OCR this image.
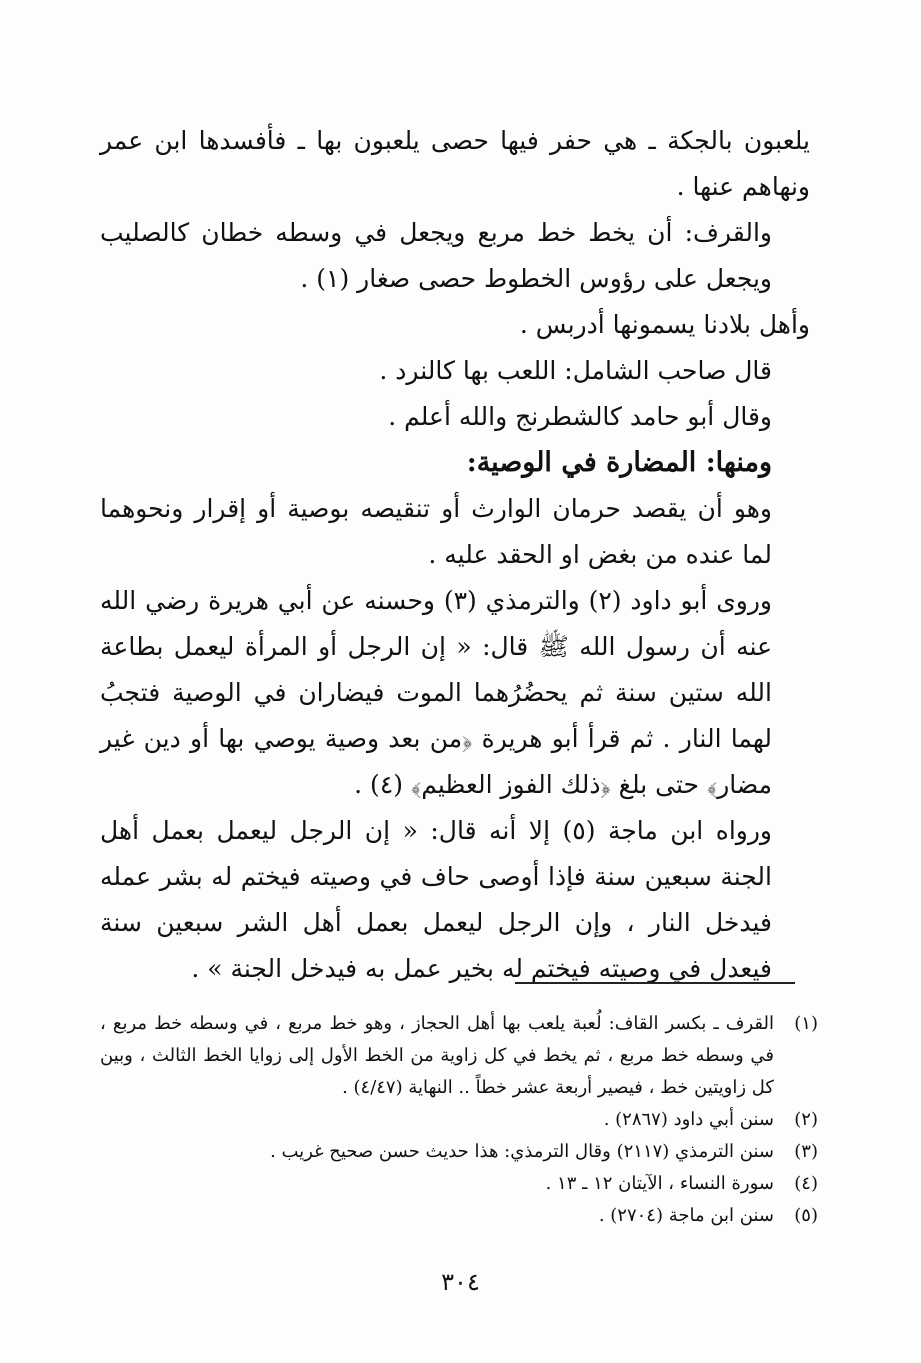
يلعبون بالجكة ـ هي حفر فيها حصى يلعبون بها ـ فأفسدها ابن عمر ونهاهم عنها .

والقرف: أن يخط خط مربع ويجعل في وسطه خطان كالصليب ويجعل على رؤوس الخطوط حصى صغار (١) .

وأهل بلادنا يسمونها أدربس .

قال صاحب الشامل: اللعب بها كالنرد .

وقال أبو حامد كالشطرنج والله أعلم .

ومنها: المضارة في الوصية:

وهو أن يقصد حرمان الوارث أو تنقيصه بوصية أو إقرار ونحوهما لما عنده من بغض او الحقد عليه .

وروى أبو داود (٢) والترمذي (٣) وحسنه عن أبي هريرة رضي الله عنه أن رسول الله ﷺ قال: « إن الرجل أو المرأة ليعمل بطاعة الله ستين سنة ثم يحضُرُهما الموت فيضاران في الوصية فتجبُ لهما النار . ثم قرأ أبو هريرة ﴿من بعد وصية يوصي بها أو دين غير مضار﴾ حتى بلغ ﴿ذلك الفوز العظيم﴾ (٤) .

ورواه ابن ماجة (٥) إلا أنه قال: « إن الرجل ليعمل بعمل أهل الجنة سبعين سنة فإذا أوصى حاف في وصيته فيختم له بشر عمله فيدخل النار ، وإن الرجل ليعمل بعمل أهل الشر سبعين سنة فيعدل في وصيته فيختم له بخير عمل به فيدخل الجنة » .

(١)
القرف ـ بكسر القاف: لُعبة يلعب بها أهل الحجاز ، وهو خط مربع ، في وسطه خط مربع ، في وسطه خط مربع ، ثم يخط في كل زاوية من الخط الأول إلى زوايا الخط الثالث ، وبين كل زاويتين خط ، فيصير أربعة عشر خطاً .. النهاية (٤/٤٧) .
(٢)
سنن أبي داود (٢٨٦٧) .
(٣)
سنن الترمذي (٢١١٧) وقال الترمذي: هذا حديث حسن صحيح غريب .
(٤)
سورة النساء ، الآيتان ١٢ ـ ١٣ .
(٥)
سنن ابن ماجة (٢٧٠٤) .
٣٠٤
